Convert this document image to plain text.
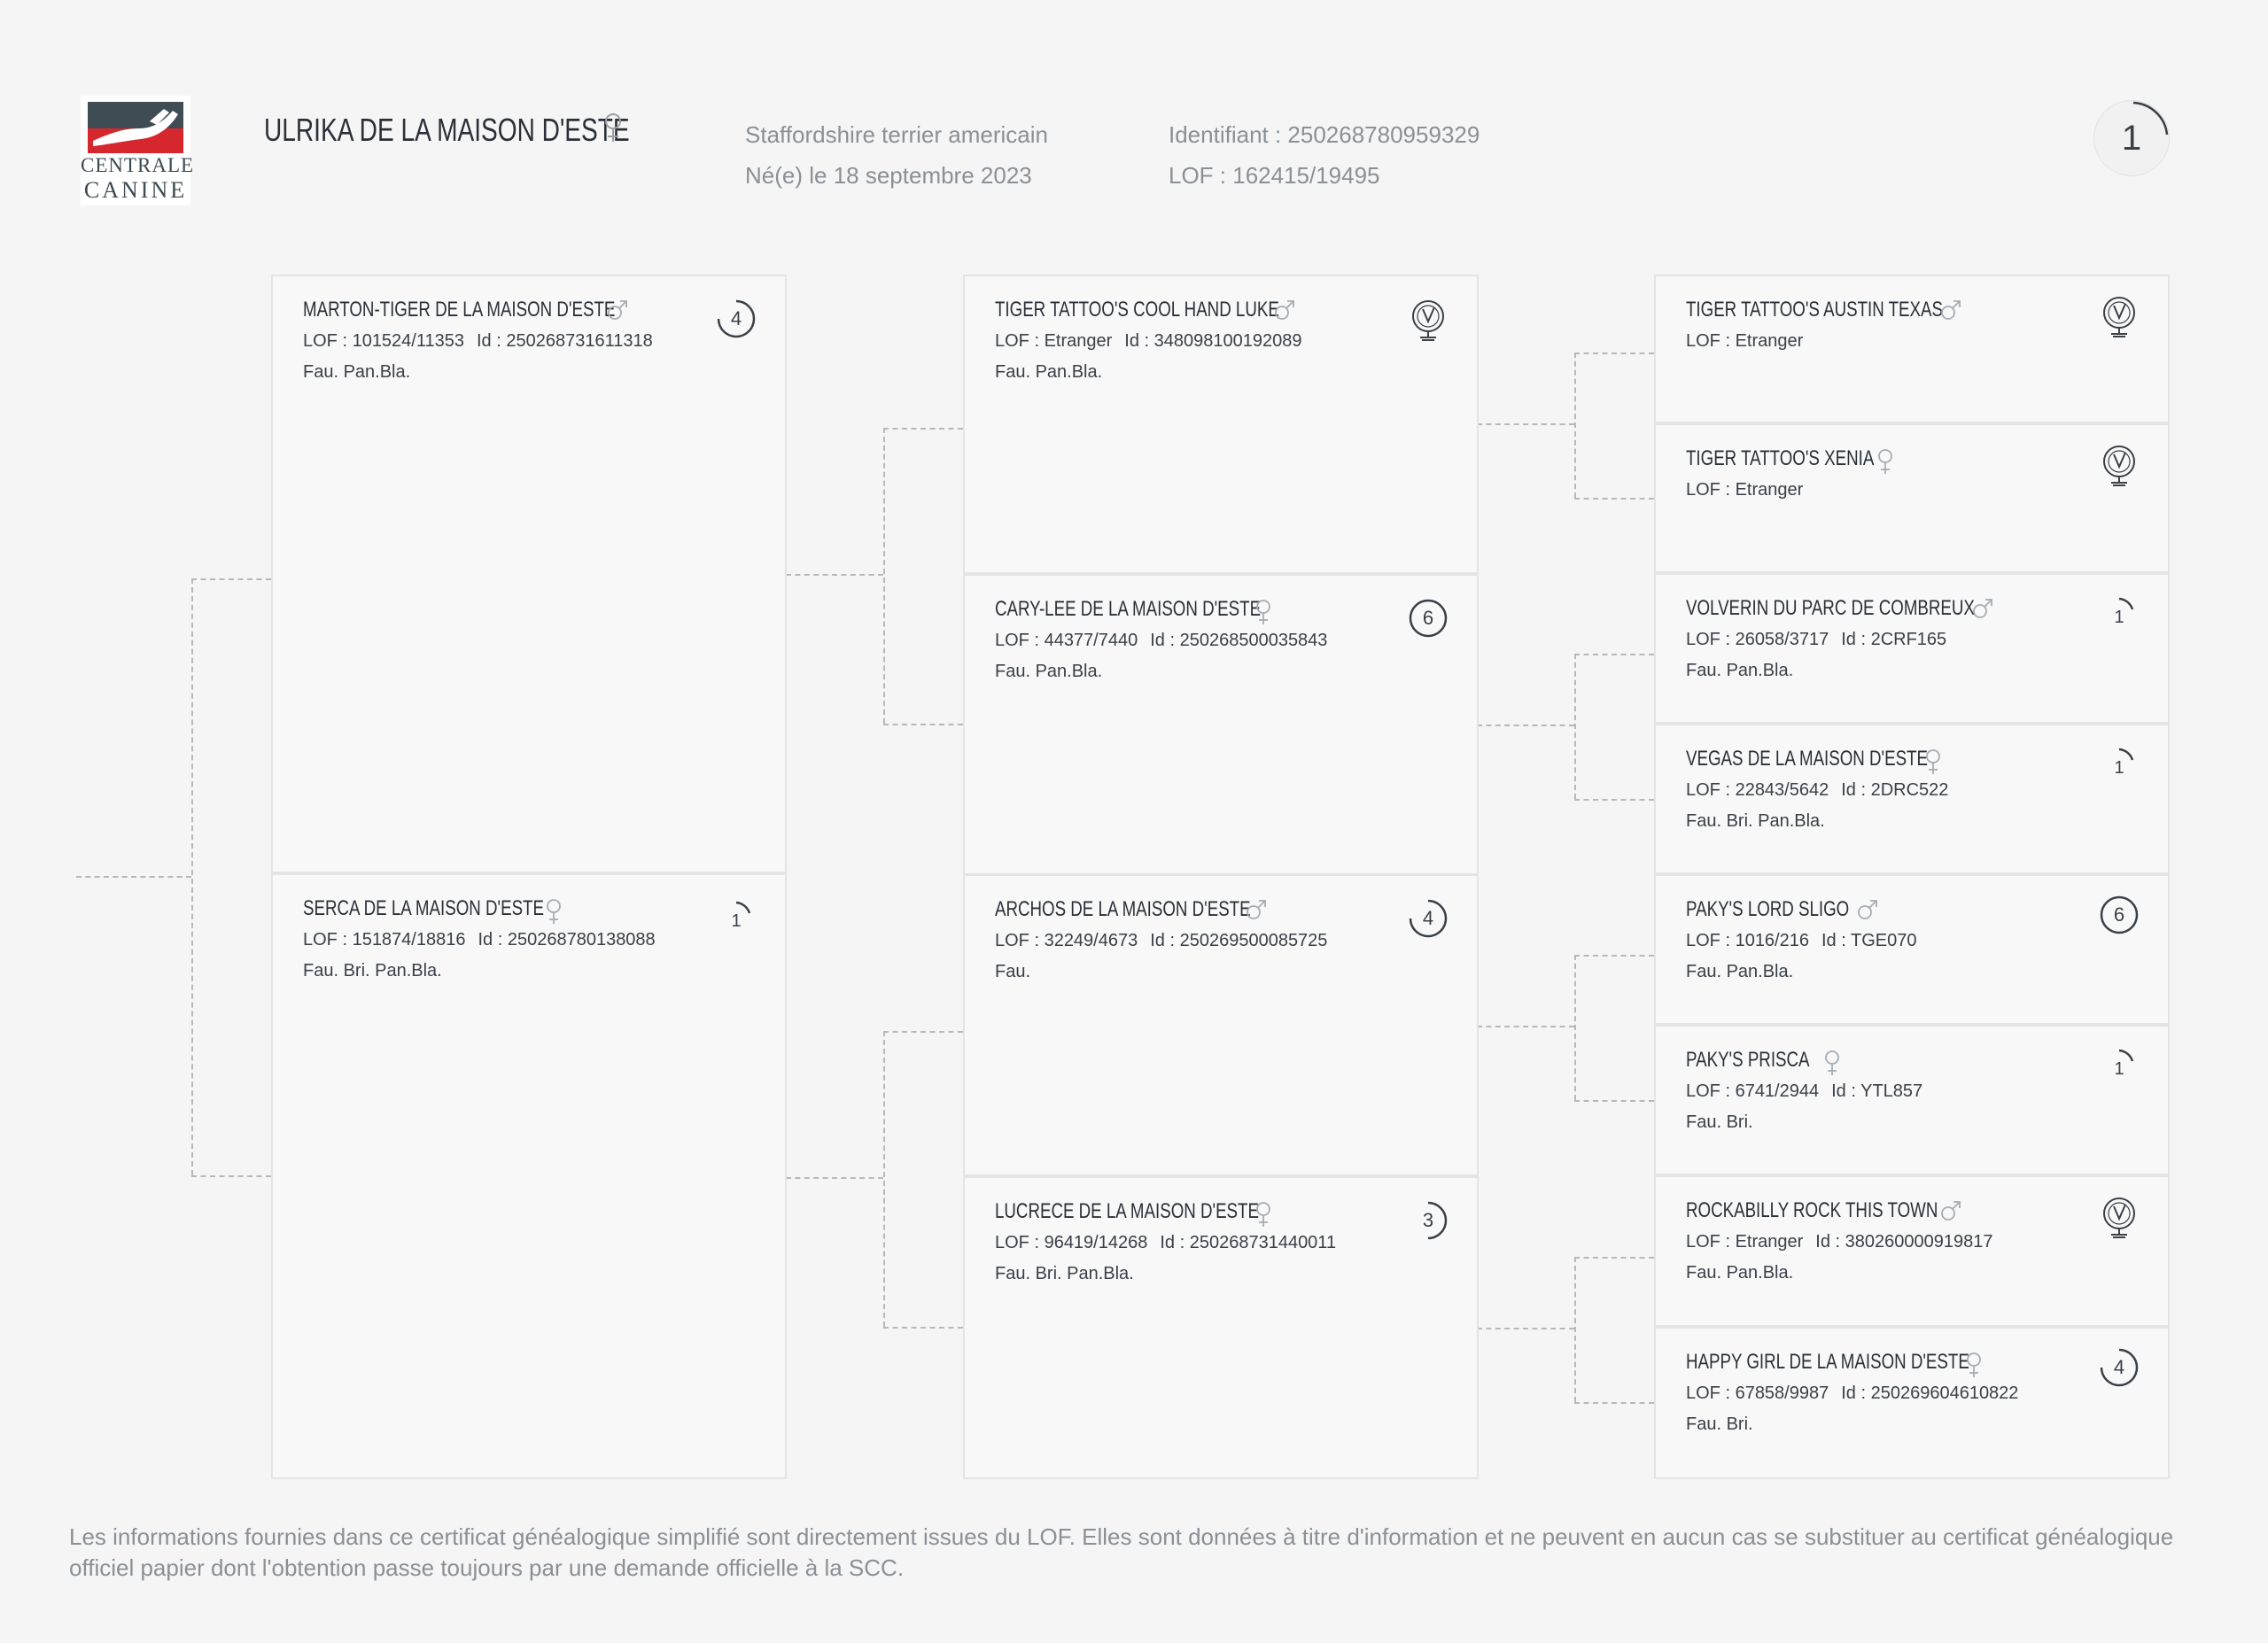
CENTRALE
CANINE
ULRIKA DE LA MAISON D'ESTE	Staffordshire terrier americain
Né(e) le 18 septembre 2023
Identifiant : 250268780959329
LOF : 162415/19495
1
MARTON-TIGER DE LA MAISON D'ESTE
LOF : 101524/11353 Id : 250268731611318
Fau. Pan.Bla.
4
SERCA DE LA MAISON D'ESTE
LOF : 151874/18816 Id : 250268780138088
Fau. Bri. Pan.Bla.
1
TIGER TATTOO'S COOL HAND LUKE
LOF : Etranger Id : 348098100192089
Fau. Pan.Bla.
CARY-LEE DE LA MAISON D'ESTE
LOF : 44377/7440 Id : 250268500035843
Fau. Pan.Bla.
6
ARCHOS DE LA MAISON D'ESTE
LOF : 32249/4673 Id : 250269500085725
Fau.
4
LUCRECE DE LA MAISON D'ESTE
LOF : 96419/14268 Id : 250268731440011
Fau. Bri. Pan.Bla.
3
TIGER TATTOO'S AUSTIN TEXAS
LOF : Etranger
TIGER TATTOO'S XENIA
LOF : Etranger
VOLVERIN DU PARC DE COMBREUX
LOF : 26058/3717 Id : 2CRF165
Fau. Pan.Bla.
1
VEGAS DE LA MAISON D'ESTE
LOF : 22843/5642 Id : 2DRC522
Fau. Bri. Pan.Bla.
1
PAKY'S LORD SLIGO
LOF : 1016/216 Id : TGE070
Fau. Pan.Bla.
6
PAKY'S PRISCA
LOF : 6741/2944 Id : YTL857
Fau. Bri.
1
ROCKABILLY ROCK THIS TOWN
LOF : Etranger Id : 380260000919817
Fau. Pan.Bla.
HAPPY GIRL DE LA MAISON D'ESTE
LOF : 67858/9987 Id : 250269604610822
Fau. Bri.
4
Les informations fournies dans ce certificat généalogique simplifié sont directement issues du LOF. Elles sont données à titre d'information et ne peuvent en aucun cas se substituer au certificat généalogique officiel papier dont l'obtention passe toujours par une demande officielle à la SCC.
